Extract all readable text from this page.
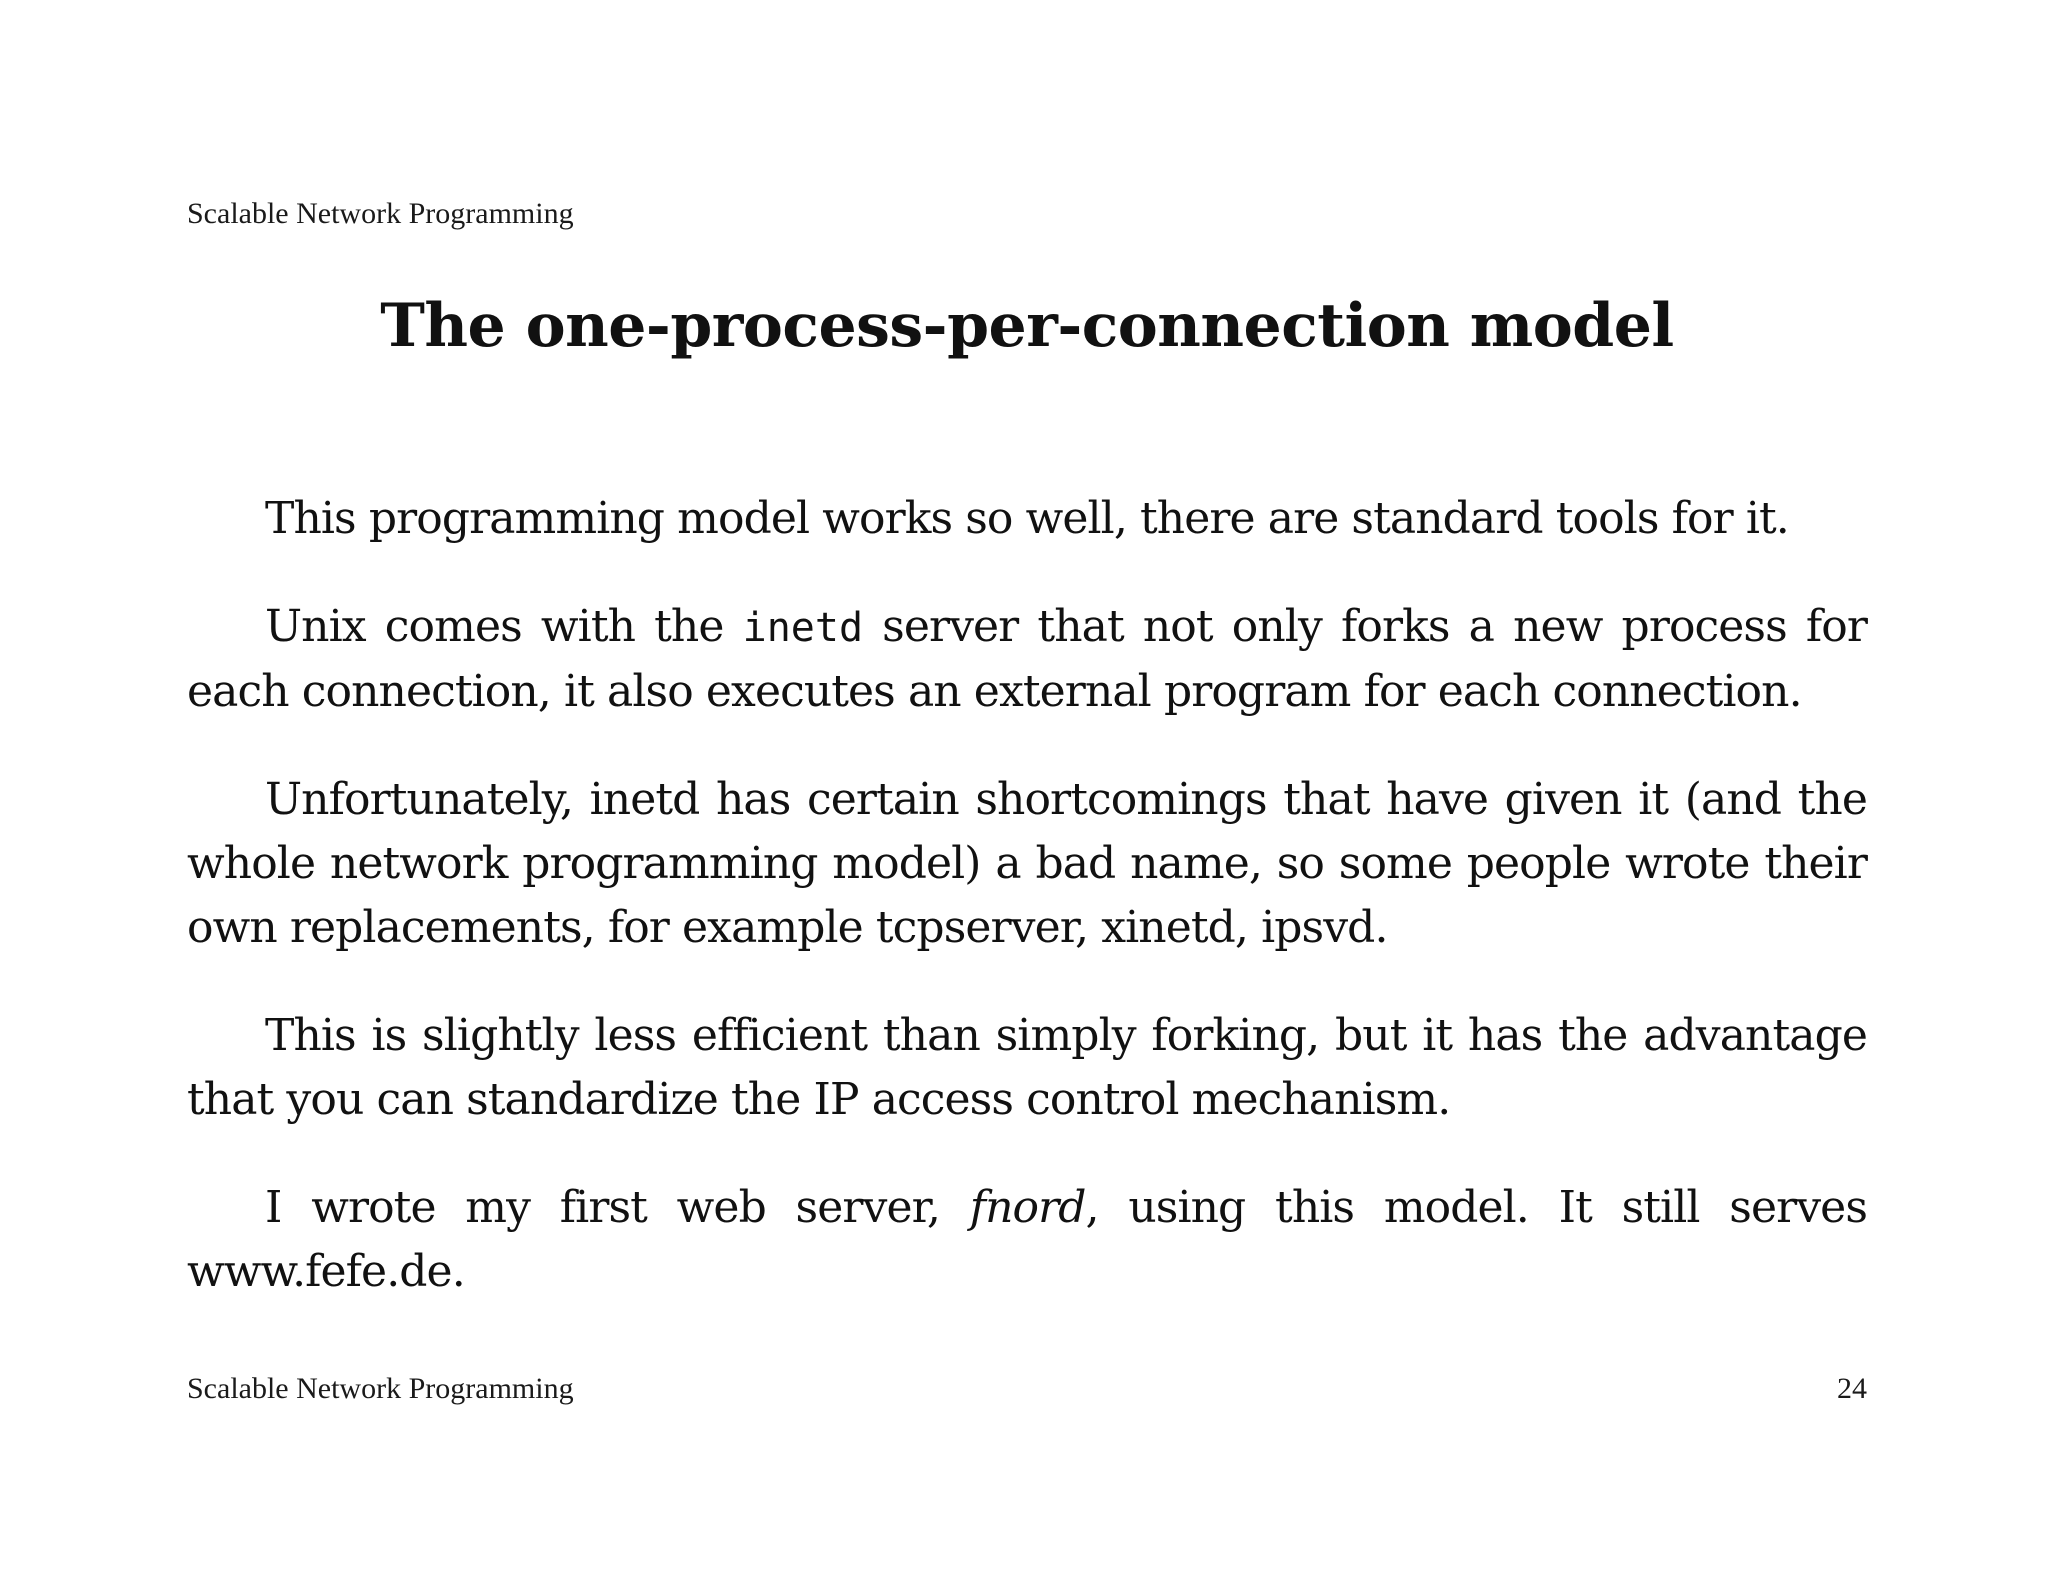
Scalable Network Programming
The one-process-per-connection model

This programming model works so well, there are standard tools for it.

Unix comes with the inetd server that not only forks a new process for each connection, it also executes an external program for each connection.

Unfortunately, inetd has certain shortcomings that have given it (and the whole network programming model) a bad name, so some people wrote their own replacements, for example tcpserver, xinetd, ipsvd.

This is slightly less efficient than simply forking, but it has the advantage that you can standardize the IP access control mechanism.

I wrote my first web server, fnord, using this model. It still serves www.fefe.de.

Scalable Network Programming	24
